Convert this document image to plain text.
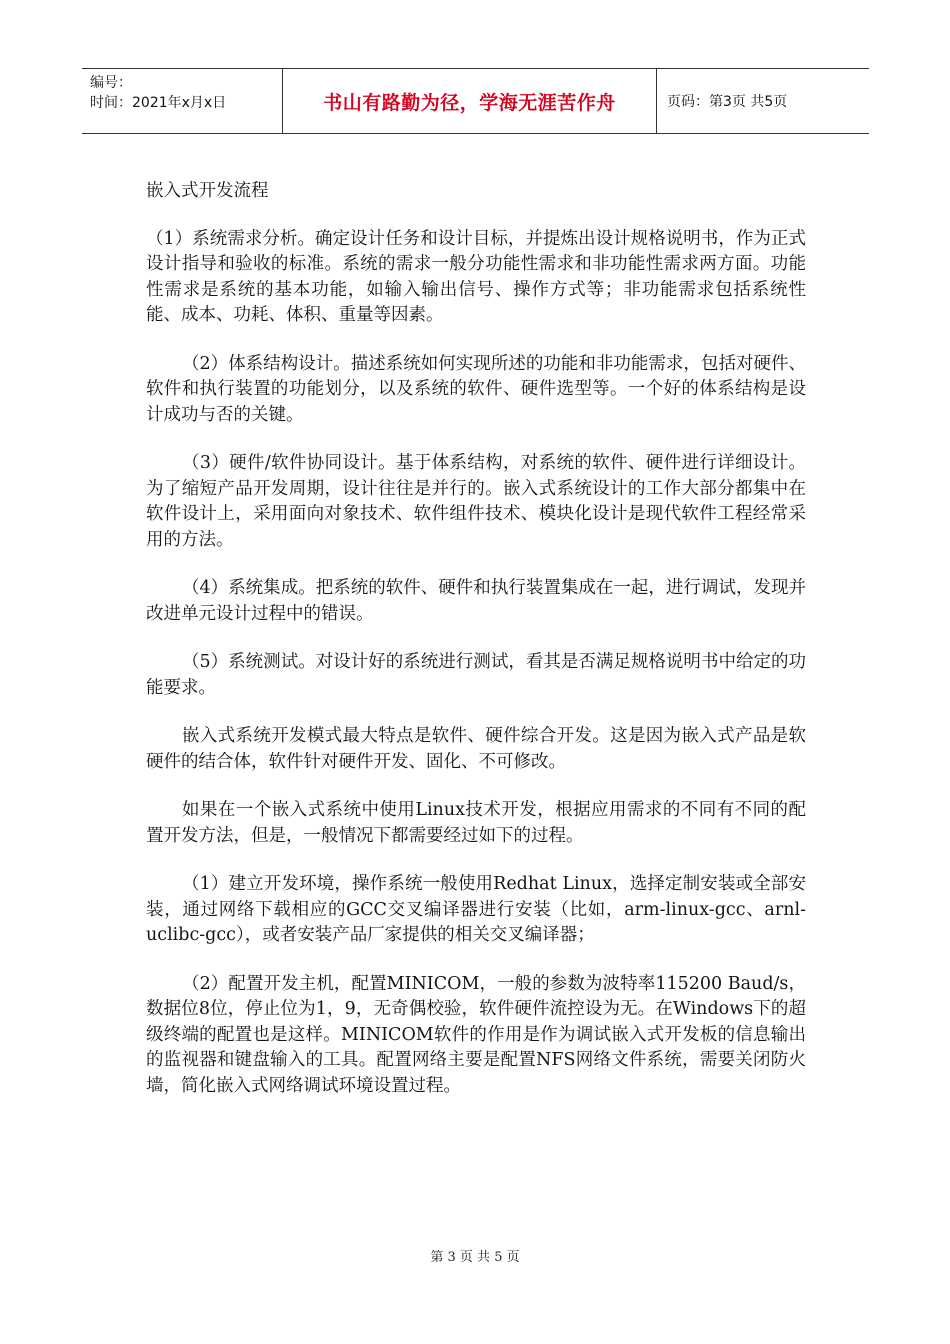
编号：
时间：2021年x月x日	书山有路勤为径，学海无涯苦作舟	页码：第3页 共5页

嵌入式开发流程

（1）系统需求分析。确定设计任务和设计目标，并提炼出设计规格说明书，作为正式设计指导和验收的标准。系统的需求一般分功能性需求和非功能性需求两方面。功能性需求是系统的基本功能，如输入输出信号、操作方式等；非功能需求包括系统性能、成本、功耗、体积、重量等因素。

（2）体系结构设计。描述系统如何实现所述的功能和非功能需求，包括对硬件、软件和执行装置的功能划分，以及系统的软件、硬件选型等。一个好的体系结构是设计成功与否的关键。

（3）硬件/软件协同设计。基于体系结构，对系统的软件、硬件进行详细设计。为了缩短产品开发周期，设计往往是并行的。嵌入式系统设计的工作大部分都集中在软件设计上，采用面向对象技术、软件组件技术、模块化设计是现代软件工程经常采用的方法。

（4）系统集成。把系统的软件、硬件和执行装置集成在一起，进行调试，发现并改进单元设计过程中的错误。

（5）系统测试。对设计好的系统进行测试，看其是否满足规格说明书中给定的功能要求。

嵌入式系统开发模式最大特点是软件、硬件综合开发。这是因为嵌入式产品是软硬件的结合体，软件针对硬件开发、固化、不可修改。

如果在一个嵌入式系统中使用Linux技术开发，根据应用需求的不同有不同的配置开发方法，但是，一般情况下都需要经过如下的过程。

（1）建立开发环境，操作系统一般使用Redhat Linux，选择定制安装或全部安装，通过网络下载相应的GCC交叉编译器进行安装（比如，arm-linux-gcc、arnl-uclibc-gcc），或者安装产品厂家提供的相关交叉编译器；

（2）配置开发主机，配置MINICOM，一般的参数为波特率115200 Baud/s，数据位8位，停止位为1，9，无奇偶校验，软件硬件流控设为无。在Windows下的超级终端的配置也是这样。MINICOM软件的作用是作为调试嵌入式开发板的信息输出的监视器和键盘输入的工具。配置网络主要是配置NFS网络文件系统，需要关闭防火墙，简化嵌入式网络调试环境设置过程。

第 3 页 共 5 页
